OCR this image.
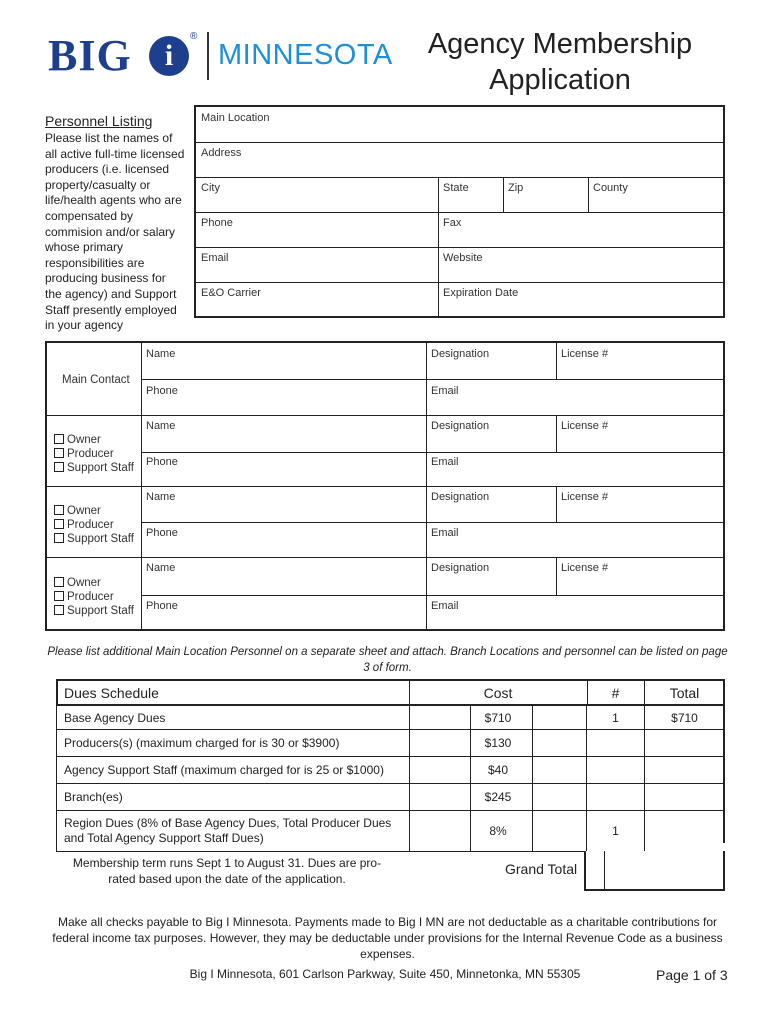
BIG	i
®
MINNESOTA	Agency Membership
Application
Personnel Listing
Please list the names of all active full-time licensed producers (i.e. licensed property/casualty or life/health agents who are compensated by commision and/or salary whose primary responsibilities are producing business for the agency) and Support Staff presently employed in your agency
Main Location
Address
City	State	Zip	County
Phone	Fax
Email	Website
E&O Carrier	Expiration Date
Main Contact
Name	Designation	License #
Phone	Email
Owner
Producer
Support Staff
Name	Designation	License #
Phone	Email
Owner
Producer
Support Staff
Name	Designation	License #
Phone	Email
Owner
Producer
Support Staff
Name	Designation	License #
Phone	Email
Please list additional Main Location Personnel on a separate sheet and attach. Branch Locations and personnel can be listed on page 3 of form.
Dues Schedule	Cost	#	Total
Base Agency Dues	$710	1	$710
Producers(s) (maximum charged for is 30 or $3900)	$130
Agency Support Staff (maximum charged for is 25 or $1000)	$40
Branch(es)	$245
Region Dues (8% of Base Agency Dues, Total Producer Dues and Total Agency Support Staff Dues)	8%	1
Membership term runs Sept 1 to August 31. Dues are pro-rated based upon the date of the application.
Grand Total
Make all checks payable to Big I Minnesota. Payments made to Big I MN are not deductable as a charitable contributions for federal income tax purposes. However, they may be deductable under provisions for the Internal Revenue Code as a business expenses.
Big I Minnesota, 601 Carlson Parkway, Suite 450, Minnetonka, MN 55305	Page 1 of 3
